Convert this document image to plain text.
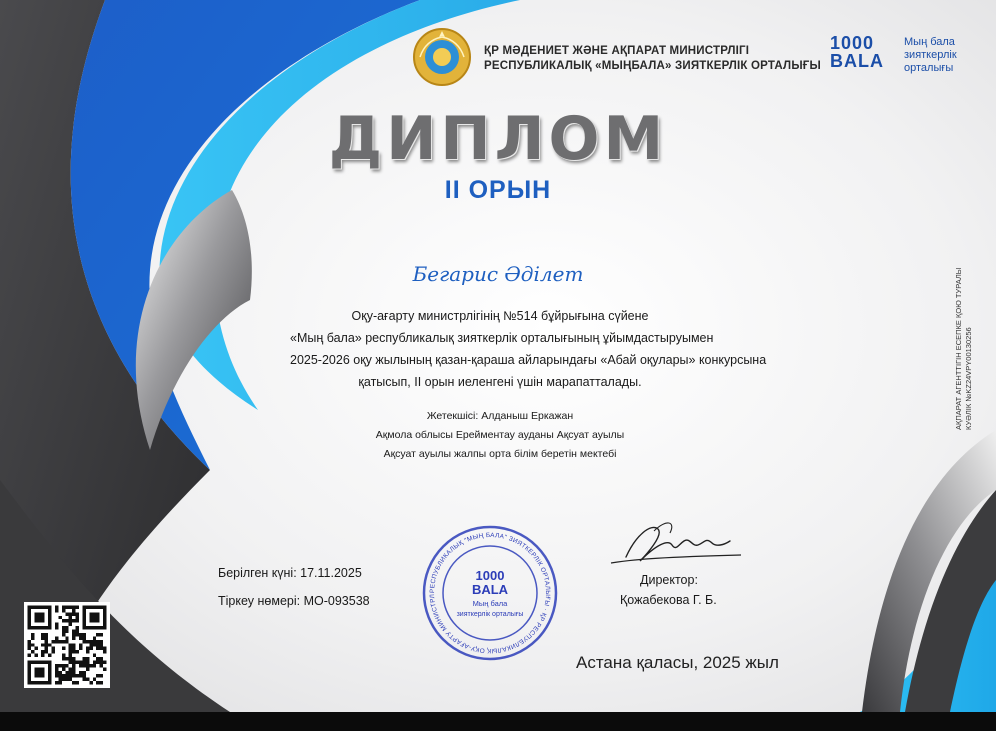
ҚР МӘДЕНИЕТ ЖӘНЕ АҚПАРАТ МИНИСТРЛІГІ
РЕСПУБЛИКАЛЫҚ «МЫҢБАЛА» ЗИЯТКЕРЛІК ОРТАЛЫҒЫ
1000
BALA
Мың бала
зияткерлік
орталығы
ДИПЛОМ
II ОРЫН
Бегарис Әділет
Оқу-ағарту министрлігінің №514 бұйрығына сүйене
«Мың бала» республикалық зияткерлік орталығының ұйымдастыруымен
2025-2026 оқу жылының қазан-қараша айларындағы «Абай оқулары» конкурсына
қатысып, II орын иеленгені үшін марапатталады.
Жетекшісі: Алданыш Еркажан
Ақмола облысы Ерейментау ауданы Ақсуат ауылы
Ақсуат ауылы жалпы орта білім беретін мектебі
АҚПАРАТ АГЕНТТІГІН ЕСЕПКЕ ҚОЮ ТУРАЛЫ КУӘЛІК №KZ24VPY00130256
Берілген күні: 17.11.2025
Тіркеу нөмері: МО-093538
РЕСПУБЛИКАЛЫҚ "МЫҢ БАЛА" ЗИЯТКЕРЛІК ОРТАЛЫҒЫ · ҚР РЕСПУБЛИКАЛЫҚ ОҚУ-АҒАРТУ МИНИСТРЛ
1000
BALA
Мың бала
зияткерлік орталығы
Директор:
Қожабекова Г. Б.
Астана қаласы, 2025 жыл
